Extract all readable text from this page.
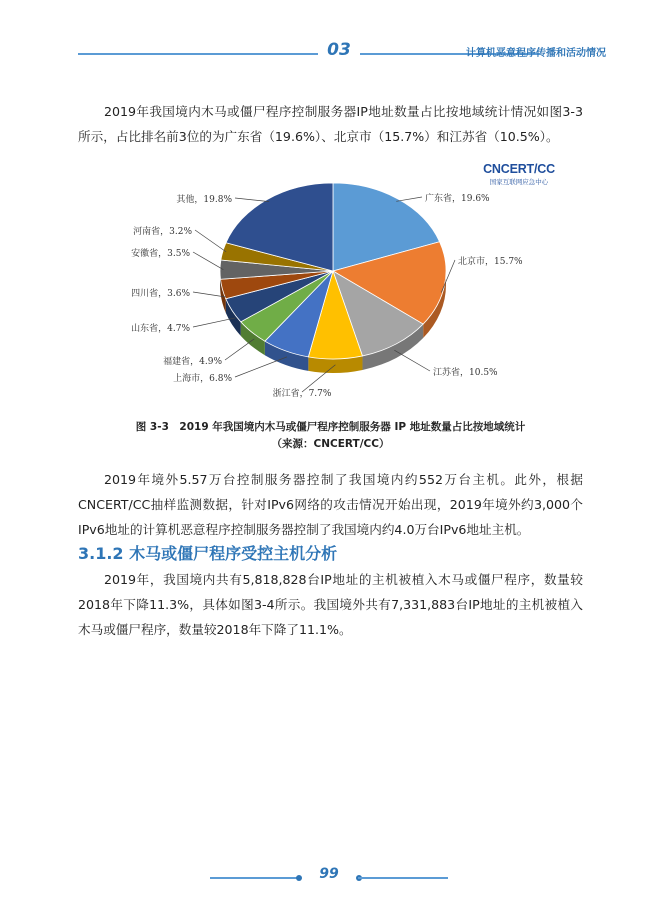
03	计算机恶意程序传播和活动情况
2019年我国境内木马或僵尸程序控制服务器IP地址数量占比按地域统计情况如图3-3所示，占比排名前3位的为广东省（19.6%）、北京市（15.7%）和江苏省（10.5%）。
CNCERT/CC
国家互联网应急中心
广东省，19.6%
北京市，15.7%
江苏省，10.5%
浙江省，7.7%
上海市，6.8%
福建省，4.9%
山东省，4.7%
四川省，3.6%
安徽省，3.5%
河南省，3.2%
其他，19.8%
图 3-3　2019 年我国境内木马或僵尸程序控制服务器 IP 地址数量占比按地域统计
（来源：CNCERT/CC）
2019年境外5.57万台控制服务器控制了我国境内约552万台主机。此外，根据CNCERT/CC抽样监测数据，针对IPv6网络的攻击情况开始出现，2019年境外约3,000个IPv6地址的计算机恶意程序控制服务器控制了我国境内约4.0万台IPv6地址主机。
3.1.2 木马或僵尸程序受控主机分析
2019年，我国境内共有5,818,828台IP地址的主机被植入木马或僵尸程序，数量较2018年下降11.3%，具体如图3-4所示。我国境外共有7,331,883台IP地址的主机被植入木马或僵尸程序，数量较2018年下降了11.1%。
99
